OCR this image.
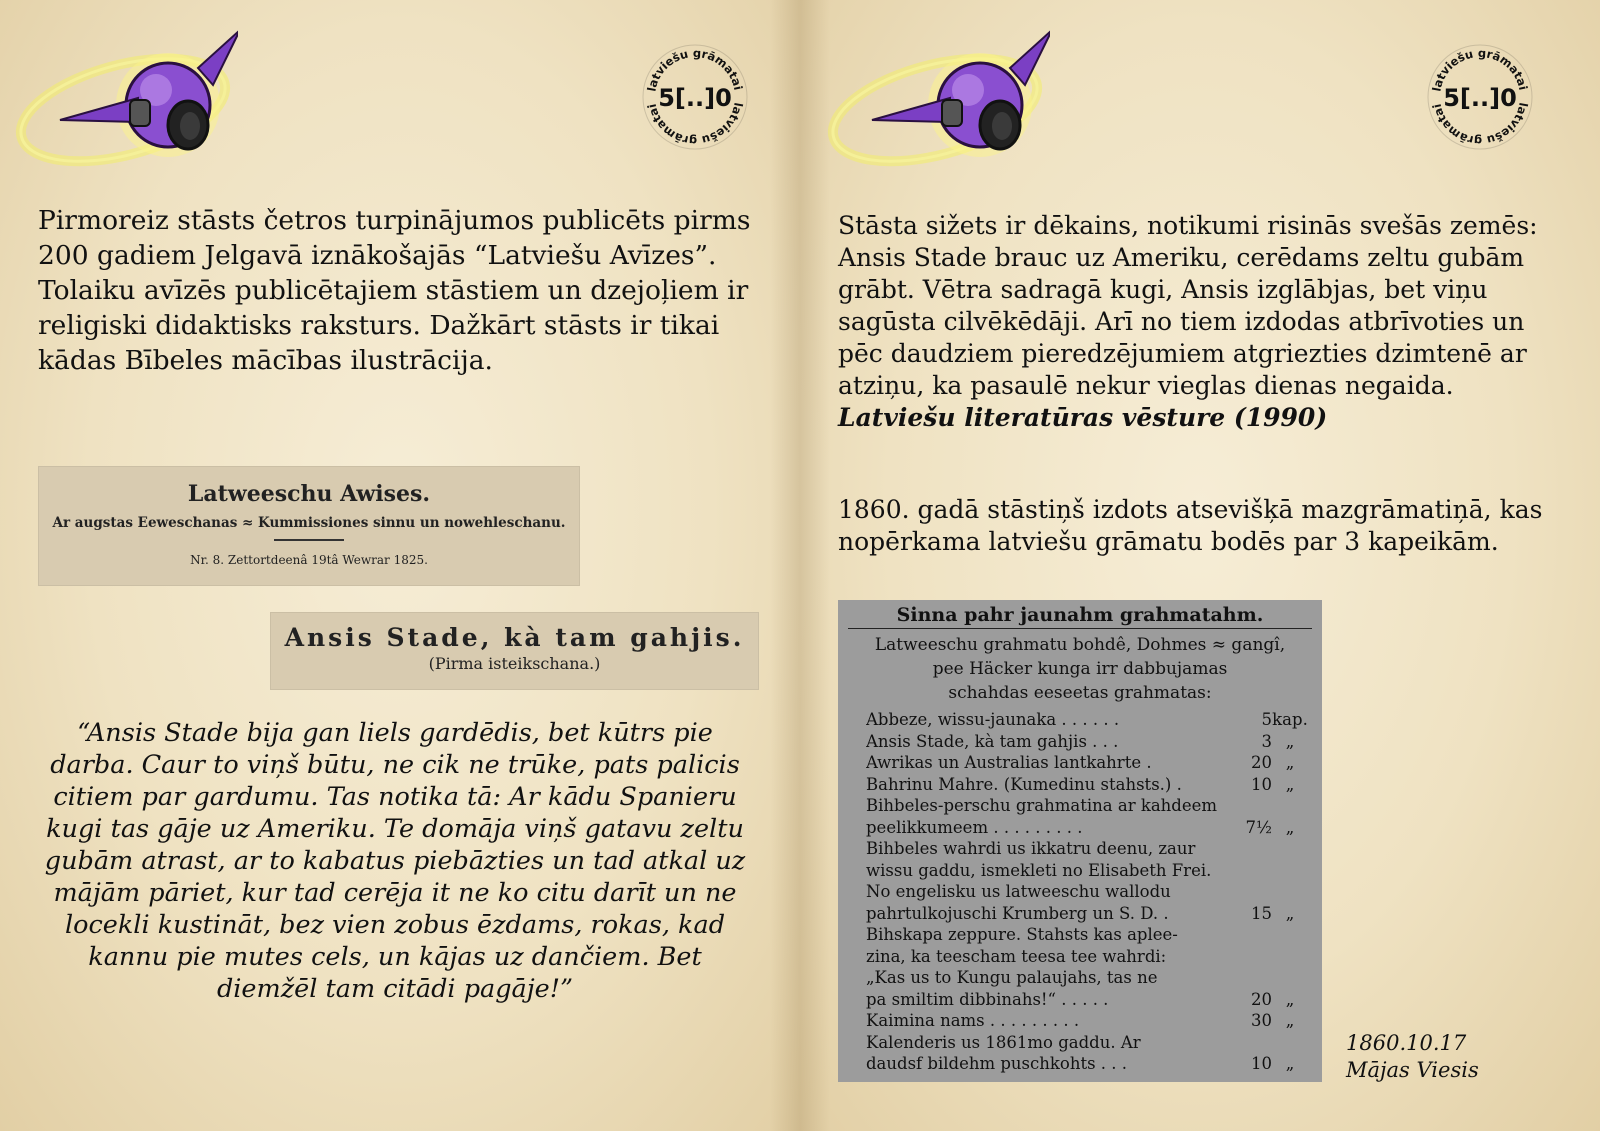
latviešu grāmatai
latviešu grāmatai 5[..]0
Pirmoreiz stāsts četros turpinājumos publicēts pirms 200 gadiem Jelgavā iznākošajās “Latviešu Avīzes”. Tolaiku avīzēs publicētajiem stāstiem un dzejoļiem ir religiski didaktisks raksturs. Dažkārt stāsts ir tikai kādas Bībeles mācības ilustrācija.
Latweeschu Awises.
Ar augstas Eeweschanas ≈ Kummissiones sinnu un nowehleschanu.
Nr. 8. Zettortdeenâ 19tâ Wewrar 1825.
Ansis Stade, kà tam gahjis.
(Pirma isteikschana.)
“Ansis Stade bija gan liels gardēdis, bet kūtrs pie darba. Caur to viņš būtu, ne cik ne trūke, pats palicis citiem par gardumu. Tas notika tā: Ar kādu Spanieru kugi tas gāje uz Ameriku. Te domāja viņš gatavu zeltu gubām atrast, ar to kabatus piebāzties un tad atkal uz mājām pāriet, kur tad cerēja it ne ko citu darīt un ne locekli kustināt, bez vien zobus ēzdams, rokas, kad kannu pie mutes cels, un kājas uz dančiem. Bet diemžēl tam citādi pagāje!”
latviešu grāmatai
latviešu grāmatai 5[..]0
Stāsta sižets ir dēkains, notikumi risinās svešās zemēs: Ansis Stade brauc uz Ameriku, cerēdams zeltu gubām grābt. Vētra sadragā kugi, Ansis izglābjas, bet viņu sagūsta cilvēkēdāji. Arī no tiem izdodas atbrīvoties un pēc daudziem pieredzējumiem atgriezties dzimtenē ar atziņu, ka pasaulē nekur vieglas dienas negaida.
Latviešu literatūras vēsture (1990)
1860. gadā stāstiņš izdots atsevišķā mazgrāmatiņā, kas nopērkama latviešu grāmatu bodēs par 3 kapeikām.
Sinna pahr jaunahm grahmatahm.
Latweeschu grahmatu bohdê, Dohmes ≈ gangî,
pee Häcker kunga irr dabbujamas
schahdas eeseetas grahmatas:
Abbeze, wissu-jaunaka . . . . . .	5 kap.
Ansis Stade, kà tam gahjis . . .	3 „
Awrikas un Australias lantkahrte .	20 „
Bahrinu Mahre. (Kumedinu stahsts.) .	10 „
Bihbeles-perschu grahmatina ar kahdeem
peelikkumeem . . . . . . . . .	7½ „
Bihbeles wahrdi us ikkatru deenu, zaur
wissu gaddu, ismekleti no Elisabeth Frei.
No engelisku us latweeschu wallodu
pahrtulkojuschi Krumberg un S. D. .	15 „
Bihskapa zeppure. Stahsts kas aplee-
zina, ka teescham teesa tee wahrdi:
„Kas us to Kungu palaujahs, tas ne
pa smiltim dibbinahs!“ . . . . .	20 „
Kaimina nams . . . . . . . . .	30 „
Kalenderis us 1861mo gaddu. Ar
daudsf bildehm puschkohts . . .	10 „
1860.10.17
Mājas Viesis
